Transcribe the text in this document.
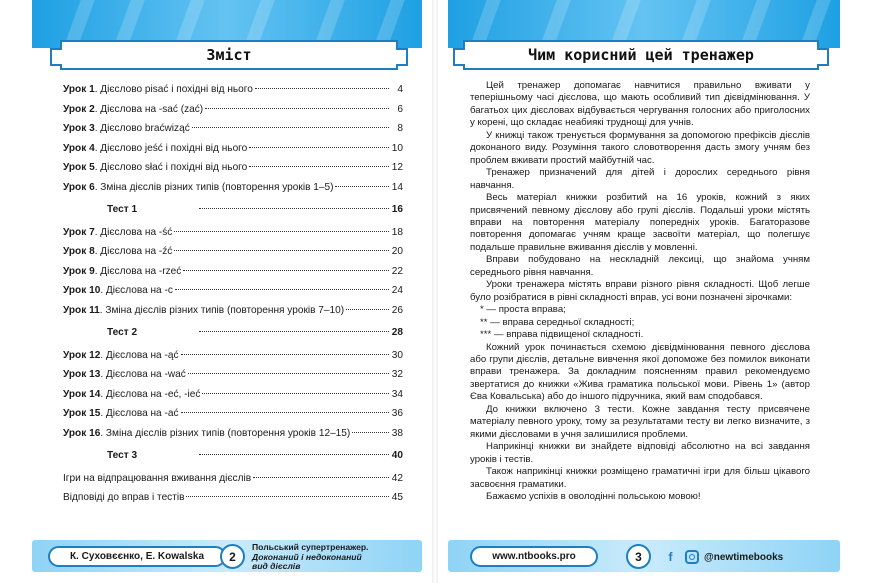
Зміст
Урок 1. Дієслово pisać і похідні від нього	4
Урок 2. Дієслова на -sać (zać)	6
Урок 3. Дієслово braćwiząć	8
Урок 4. Дієслово jeść і похідні від нього	10
Урок 5. Дієслово słać і похідні від нього	12
Урок 6. Зміна дієслів різних типів (повторення уроків 1–5)	14
Тест 1	16
Урок 7. Дієслова на -ść	18
Урок 8. Дієслова на -źć	20
Урок 9. Дієслова на -rzeć	22
Урок 10. Дієслова на -c	24
Урок 11. Зміна дієслів різних типів (повторення уроків 7–10)	26
Тест 2	28
Урок 12. Дієслова на -ąć	30
Урок 13. Дієслова на -wać	32
Урок 14. Дієслова на -eć, -ieć	34
Урок 15. Дієслова на -ać	36
Урок 16. Зміна дієслів різних типів (повторення уроків 12–15)	38
Тест 3	40
Ігри на відпрацювання вживання дієслів	42
Відповіді до вправ і тестів	45
К. Суховєєнко, E. Kowalska	2
Польський супертренажер.
Доконаний і недоконаний
вид дієслів
Чим корисний цей тренажер

Цей тренажер допомагає навчитися правильно вживати у теперішньому часі дієслова, що мають особливий тип дієвідмінювання. У багатьох цих дієсловах відбувається чергування голосних або приголосних у корені, що складає неабиякі труднощі для учнів.

У книжці також тренується формування за допомогою префіксів дієслів доконаного виду. Розуміння такого словотворення дасть змогу учням без проблем вживати простий майбутній час.

Тренажер призначений для дітей і дорослих середнього рівня навчання.

Весь матеріал книжки розбитий на 16 уроків, кожний з яких присвячений певному дієслову або групі дієслів. Подальші уроки містять вправи на повторення матеріалу попередніх уроків. Багаторазове повторення допомагає учням краще засвоїти матеріал, що полегшує подальше правильне вживання дієслів у мовленні.

Вправи побудовано на нескладній лексиці, що знайома учням середнього рівня навчання.

Уроки тренажера містять вправи різного рівня складності. Щоб легше було розібратися в рівні складності вправ, усі вони позначені зірочками:

* — проста вправа;

** — вправа середньої складності;

*** — вправа підвищеної складності.

Кожний урок починається схемою дієвідмінювання певного дієслова або групи дієслів, детальне вивчення якої допоможе без помилок виконати вправи тренажера. За докладним поясненням правил рекомендуємо звертатися до книжки «Жива граматика польської мови. Рівень 1» (автор Єва Ковальська) або до іншого підручника, який вам сподобався.

До книжки включено 3 тести. Кожне завдання тесту присвячене матеріалу певного уроку, тому за результатами тесту ви легко визначите, з якими дієсловами в учня залишилися проблеми.

Наприкінці книжки ви знайдете відповіді абсолютно на всі завдання уроків і тестів.

Також наприкінці книжки розміщено граматичні ігри для більш цікавого засвоєння граматики.

Бажаємо успіхів в оволодінні польською мовою!

www.ntbooks.pro	3	f	@newtimebooks
